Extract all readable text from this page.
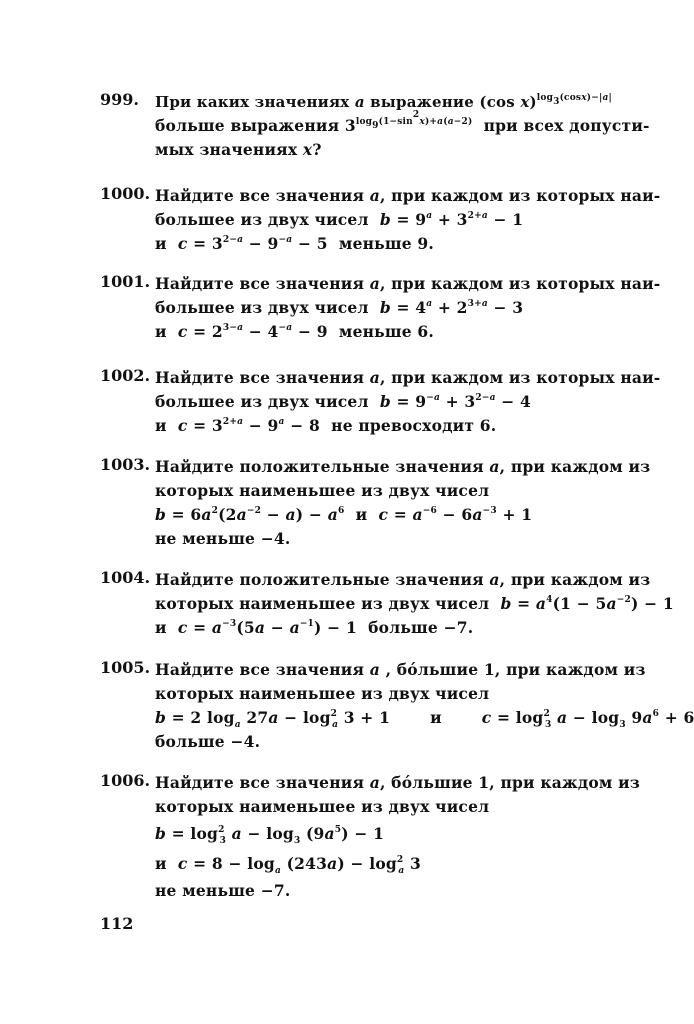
999.	При каких значениях a выражение (cos x)$^{log_3(cosx)-|a|}$
больше выражения $3^{log_9(1-sin^2x)+a(a-2)}$  при всех допусти-
мых значениях x?
1000. Найдите все значения a, при каждом из которых наи-
большее из двух чисел  $b = 9^a + 3^{2+a} - 1$
и  $c = 3^{2-a} - 9^{-a} - 5$  меньше 9.
1001. Найдите все значения a, при каждом из которых наи-
большее из двух чисел  $b = 4^a + 2^{3+a} - 3$
и  $c = 2^{3-a} - 4^{-a} - 9$  меньше 6.
1002. Найдите все значения a, при каждом из которых наи-
большее из двух чисел  $b = 9^{-a} + 3^{2-a} - 4$
и  $c = 3^{2+a} - 9^a - 8$  не превосходит 6.
1003. Найдите положительные значения a, при каждом из
которых наименьшее из двух чисел
$b = 6a^2(2a^{-2} - a) - a^6$  и  $c = a^{-6} - 6a^{-3} + 1$
не меньше −4.
1004. Найдите положительные значения a, при каждом из
которых наименьшее из двух чисел  $b = a^4(1 - 5a^{-2}) - 1$
и  $c = a^{-3}(5a - a^{-1}) - 1$  больше −7.
1005. Найдите все значения a , бо́льшие 1, при каждом из
которых наименьшее из двух чисел
b = 2 $\log_a 27a - \log^2_a 3 + 1$	и	$c = \log^2_3 a - \log_3 9a^6 + 6$
больше −4.
1006. Найдите все значения a, бо́льшие 1, при каждом из
которых наименьшее из двух чисел
$b = \log^2_3 a - \log_3 (9a^5) - 1$
и  $c = 8 - \log_a (243a) - \log^2_a 3$
не меньше −7.
112
